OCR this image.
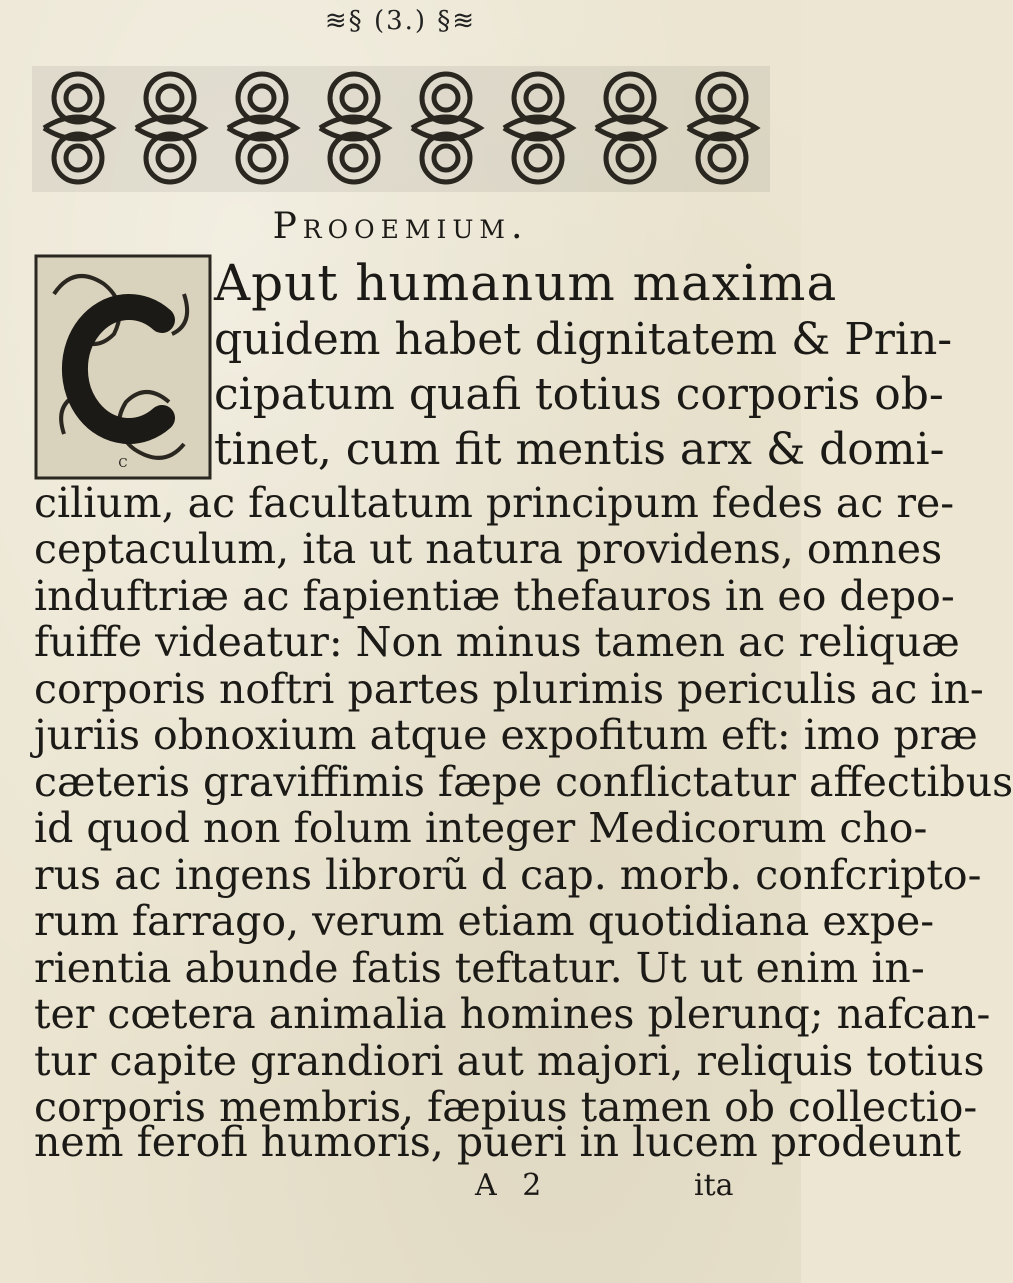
≋§ (3.) §≋
Prooemium.
C
Aput humanum maxima
quidem habet dignitatem & Prin-
cipatum quafi totius corporis ob-
tinet, cum fit mentis arx & domi-
cilium, ac facultatum principum fedes ac re-
ceptaculum, ita ut natura providens, omnes
induftriæ ac fapientiæ thefauros in eo depo-
fuiffe videatur: Non minus tamen ac reliquæ
corporis noftri partes plurimis periculis ac in-
juriis obnoxium atque expofitum eft: imo præ
cæteris graviffimis fæpe conflictatur affectibus
id quod non folum integer Medicorum cho-
rus ac ingens librorũ d cap. morb. confcripto-
rum farrago, verum etiam quotidiana expe-
rientia abunde fatis teftatur. Ut ut enim in-
ter cœtera animalia homines plerunq; nafcan-
tur capite grandiori aut majori, reliquis totius
corporis membris, fæpius tamen ob collectio-
nem ferofi humoris, pueri in lucem prodeunt
A 2	ita
